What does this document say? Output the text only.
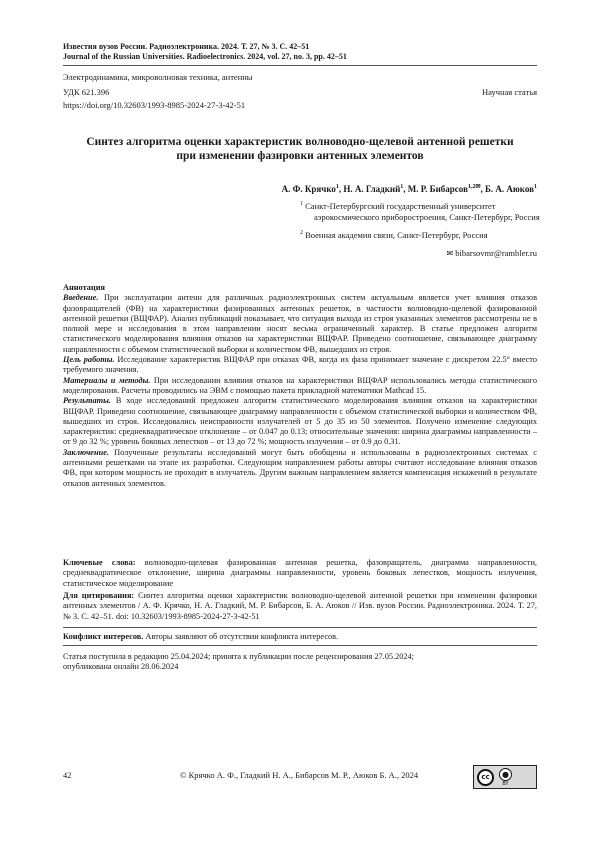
Известия вузов России. Радиоэлектроника. 2024. Т. 27, № 3. С. 42–51
Journal of the Russian Universities. Radioelectronics. 2024, vol. 27, no. 3, pp. 42–51
Электродинамика, микроволновая техника, антенны
УДК 621.396	Научная статья
https://doi.org/10.32603/1993-8985-2024-27-3-42-51
Синтез алгоритма оценки характеристик волноводно-щелевой антенной решетки
при изменении фазировки антенных элементов
А. Ф. Крячко$^1$, Н. А. Гладкий$^1$, М. Р. Бибарсов$^{1,2✉}$, Б. А. Аюков$^1$
$^1$ Санкт-Петербургский государственный университет
аэрокосмического приборостроения, Санкт-Петербург, Россия
$^2$ Военная академия связи, Санкт-Петербург, Россия
✉ bibarsovmr@rambler.ru

Аннотация

Введение. При эксплуатации антенн для различных радиоэлектронных систем актуальным является учет влияния отказов фазовращателей (ФВ) на характеристики фазированных антенных решеток, в частности волноводно-щелевой фазированной антенной решетки (ВЩФАР). Анализ публикаций показывает, что ситуация выхода из строя указанных элементов рассмотрены не в полной мере и исследования в этом направлении носят весьма ограниченный характер. В статье предложен алгоритм статистического моделирования влияния отказов на характеристики ВЩФАР. Приведено соотношение, связывающее диаграмму направленности с объемом статистической выборки и количеством ФВ, вышедших из строя.

Цель работы. Исследование характеристик ВЩФАР при отказах ФВ, когда их фаза принимает значение с дискретом 22.5° вместо требуемого значения.

Материалы и методы. При исследовании влияния отказов на характеристики ВЩФАР использовались методы статистического моделирования. Расчеты проводились на ЭВМ с помощью пакета прикладной математики Mathcad 15.

Результаты. В ходе исследований предложен алгоритм статистического моделирования влияния отказов на характеристики ВЩФАР. Приведено соотношение, связывающее диаграмму направленности с объемом статистической выборки и количеством ФВ, вышедших из строя. Исследовались неисправности излучателей от 5 до 35 из 50 элементов. Получено изменение следующих характеристик: среднеквадратическое отклонение – от 0.047 до 0.13; относительные значения: ширина диаграммы направленности – от 9 до 32 %; уровень боковых лепестков – от 13 до 72 %; мощность излучения – от 0.9 до 0.31.

Заключение. Полученные результаты исследований могут быть обобщены и использованы в радиоэлектронных системах с антенными решетками на этапе их разработки. Следующим направлением работы авторы считают исследование влияния отказов ФВ, при котором мощность не проходит в излучатель. Другим важным направлением является компенсация искажений в результате отказов антенных элементов.

Ключевые слова: волноводно-щелевая фазированная антенная решетка, фазовращатель, диаграмма направленности, среднеквадратическое отклонение, ширина диаграммы направленности, уровень боковых лепестков, мощность излучения, статистическое моделирование

Для цитирования: Синтез алгоритма оценки характеристик волноводно-щелевой антенной решетки при изменении фазировки антенных элементов / А. Ф. Крячко, Н. А. Гладкий, М. Р. Бибарсов, Б. А. Аюков // Изв. вузов России. Радиоэлектроника. 2024. Т. 27, № 3. С. 42–51. doi: 10.32603/1993-8985-2024-27-3-42-51

Конфликт интересов. Авторы заявляют об отсутствии конфликта интересов.

Статья поступила в редакцию 25.04.2024; принята к публикации после рецензирования 27.05.2024;

опубликована онлайн 28.06.2024

42	© Крячко А. Ф., Гладкий Н. А., Бибарсов М. Р., Аюков Б. А., 2024	cc	●
BY
